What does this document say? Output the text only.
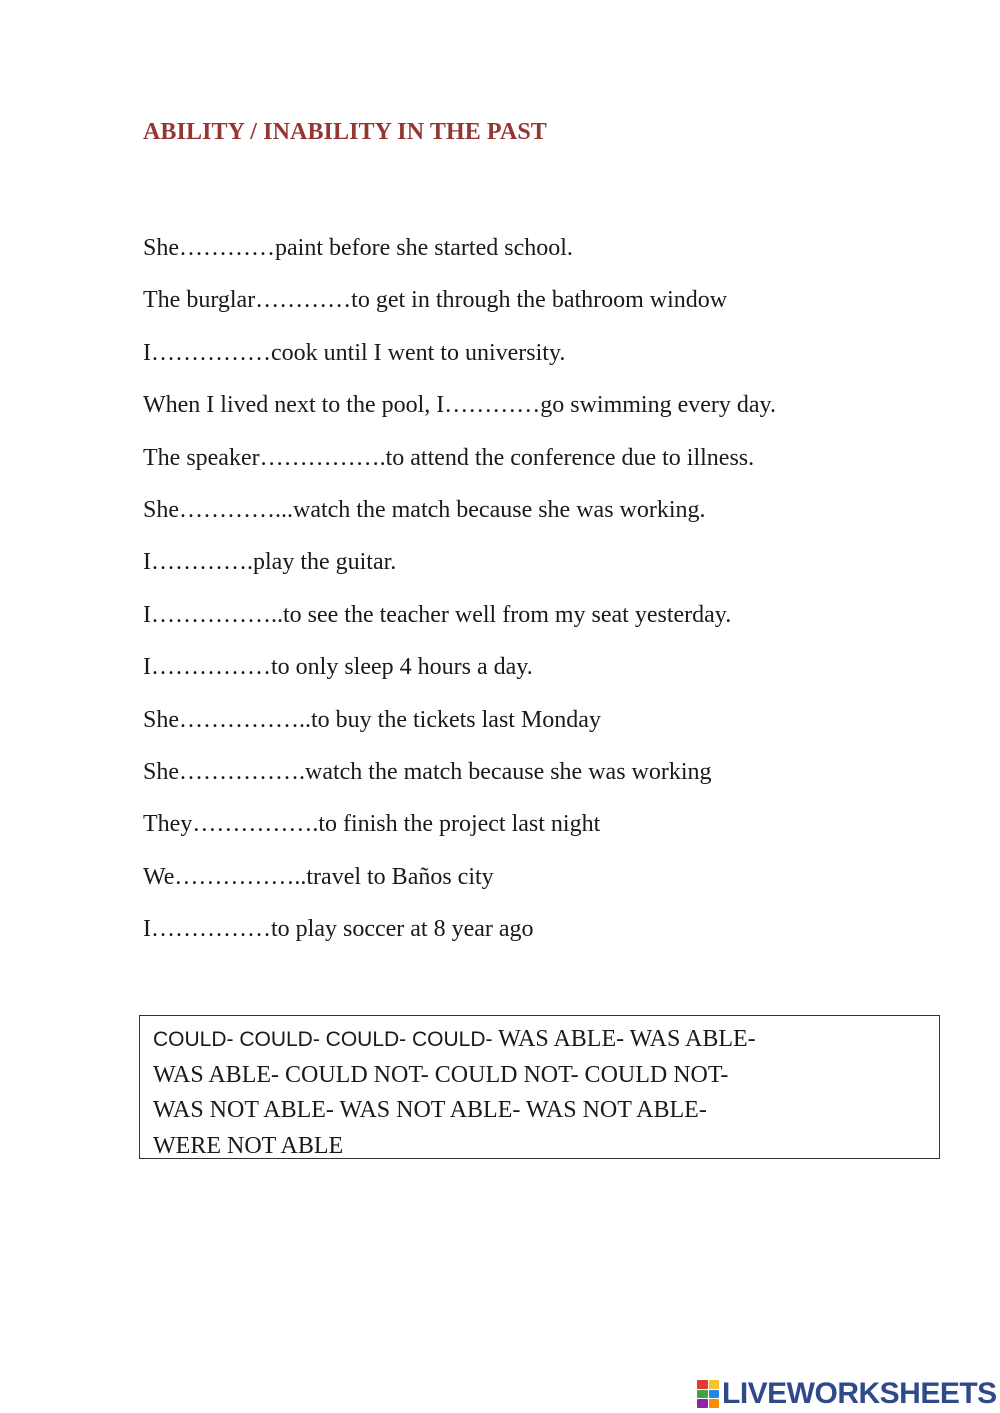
ABILITY / INABILITY IN THE PAST
She…………paint before she started school.
The burglar…………to get in through the bathroom window
I……………cook until I went to university.
When I lived next to the pool, I…………go swimming every day.
The speaker…………….to attend the conference due to illness.
She…………...watch the match because she was working.
I………….play the guitar.
I……………..to see the teacher well from my seat yesterday.
I……………to only sleep 4 hours a day.
She……………..to buy the tickets last Monday
She…………….watch the match because she was working
They…………….to finish the project last night
We……………..travel to Baños city
I……………to play soccer at 8 year ago
COULD- COULD- COULD- COULD- WAS ABLE- WAS ABLE-
WAS ABLE- COULD NOT- COULD NOT- COULD NOT-
WAS NOT ABLE- WAS NOT ABLE- WAS NOT ABLE-
WERE NOT ABLE
LIVEWORKSHEETS
